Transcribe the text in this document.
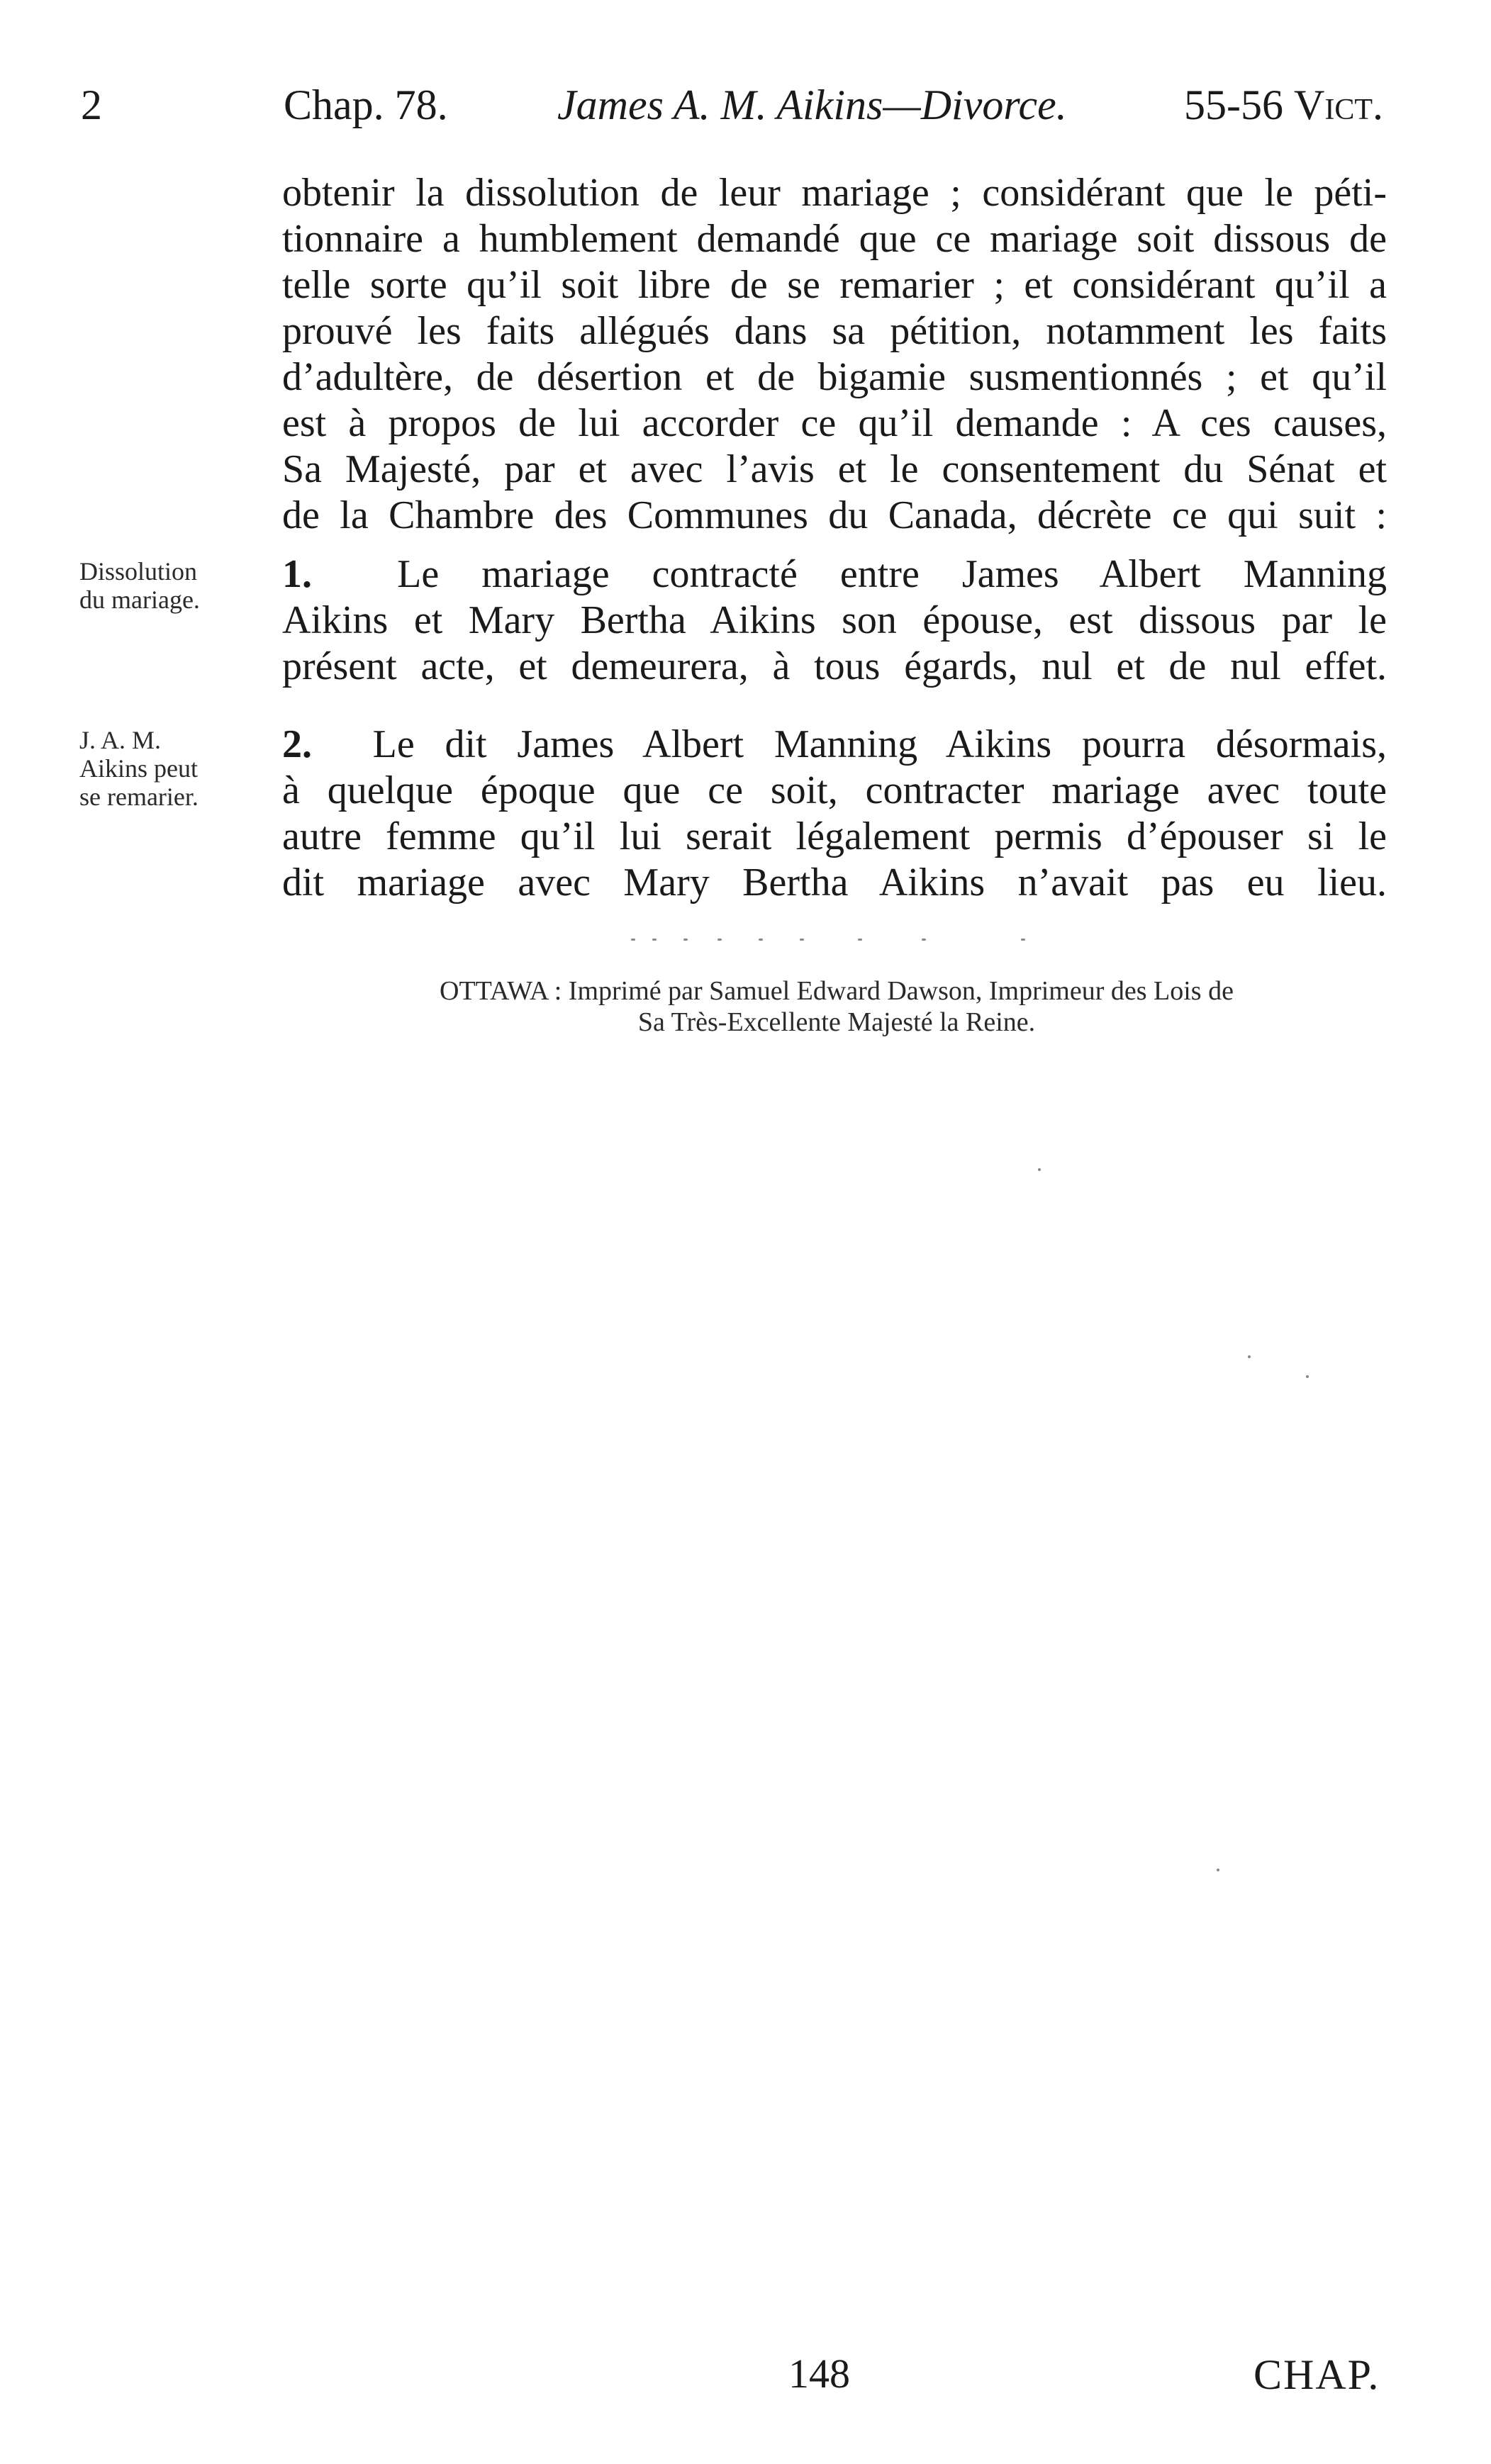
2	Chap. 78.	James A. M. Aikins—Divorce.	55-56 Vict.
obtenir la dissolution de leur mariage ; considérant que le péti-
tionnaire a humblement demandé que ce mariage soit dissous de
telle sorte qu’il soit libre de se remarier ; et considérant qu’il a
prouvé les faits allégués dans sa pétition, notamment les faits
d’adultère, de désertion et de bigamie susmentionnés ; et qu’il
est à propos de lui accorder ce qu’il demande : A ces causes,
Sa Majesté, par et avec l’avis et le consentement du Sénat et
de la Chambre des Communes du Canada, décrète ce qui suit :
Dissolution
du mariage.
1. Le mariage contracté entre James Albert Manning
Aikins et Mary Bertha Aikins son épouse, est dissous par le
présent acte, et demeurera, à tous égards, nul et de nul effet.
J. A. M.
Aikins peut
se remarier.
2. Le dit James Albert Manning Aikins pourra désormais,
à quelque époque que ce soit, contracter mariage avec toute
autre femme qu’il lui serait légalement permis d’épouser si le
dit mariage avec Mary Bertha Aikins n’avait pas eu lieu.
OTTAWA : Imprimé par Samuel Edward Dawson, Imprimeur des Lois de
Sa Très-Excellente Majesté la Reine.
148	CHAP.
